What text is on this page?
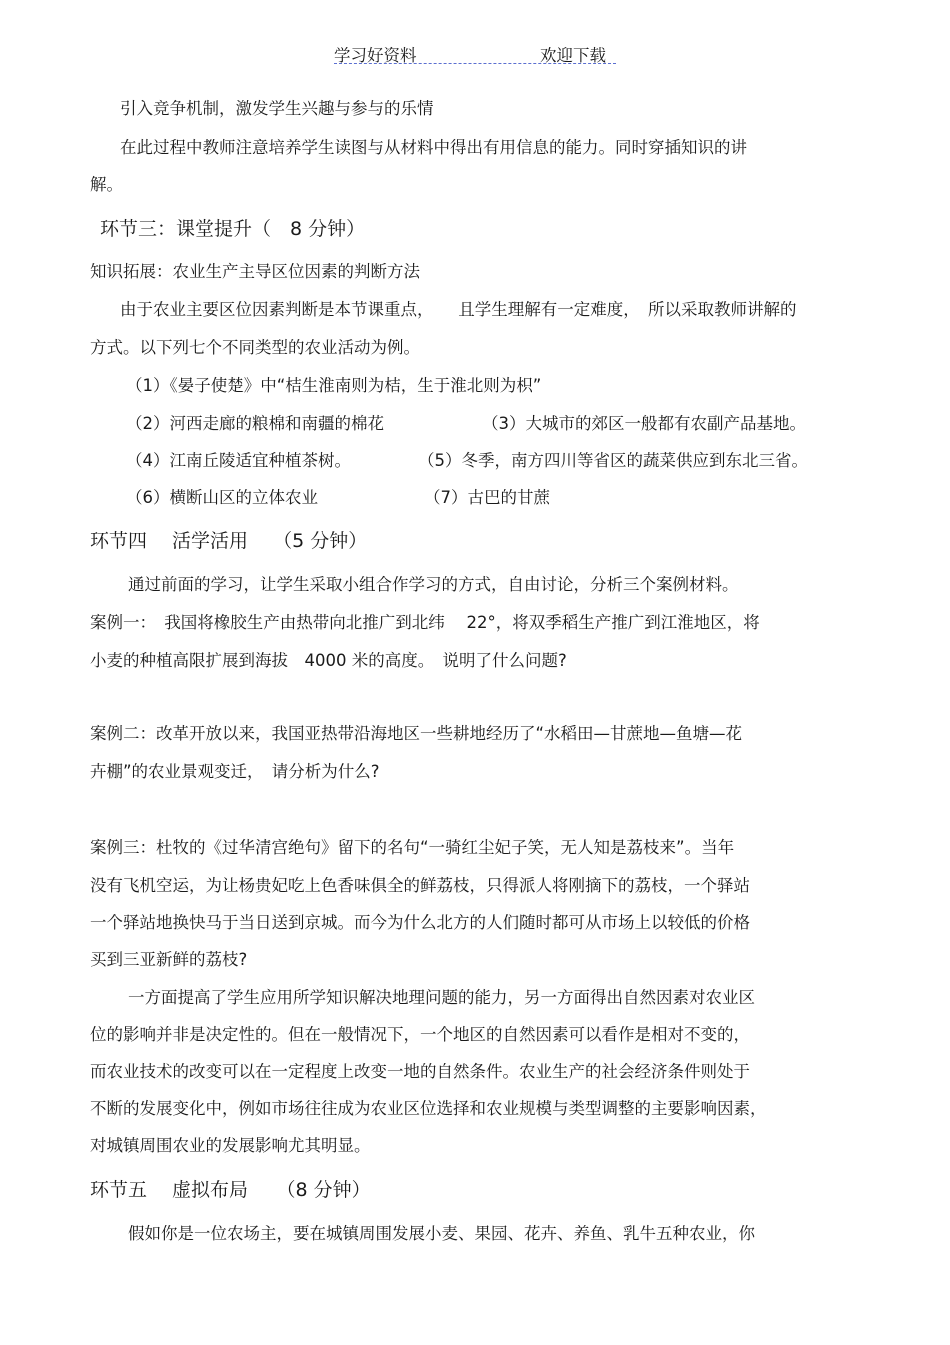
学习好资料	欢迎下载
引入竞争机制，激发学生兴趣与参与的乐情
在此过程中教师注意培养学生读图与从材料中得出有用信息的能力。同时穿插知识的讲
解。
环节三：课堂提升（　8 分钟）
知识拓展：农业生产主导区位因素的判断方法
由于农业主要区位因素判断是本节课重点，　　且学生理解有一定难度，　所以采取教师讲解的
方式。以下列七个不同类型的农业活动为例。
（1）《晏子使楚》中“桔生淮南则为桔，生于淮北则为枳”
（2）河西走廊的粮棉和南疆的棉花	（3）大城市的郊区一般都有农副产品基地。
（4）江南丘陵适宜种植茶树。	（5）冬季，南方四川等省区的蔬菜供应到东北三省。
（6）横断山区的立体农业	（7）古巴的甘蔗
环节四　 活学活用　 （5 分钟）
通过前面的学习，让学生采取小组合作学习的方式，自由讨论，分析三个案例材料。
案例一：　我国将橡胶生产由热带向北推广到北纬　 22°，将双季稻生产推广到江淮地区，将
小麦的种植高限扩展到海拔　4000 米的高度。　说明了什么问题?
案例二：改革开放以来，我国亚热带沿海地区一些耕地经历了“水稻田—甘蔗地—鱼塘—花
卉棚”的农业景观变迁，　请分析为什么?
案例三：杜牧的《过华清宫绝句》留下的名句“一骑红尘妃子笑，无人知是荔枝来”。当年
没有飞机空运，为让杨贵妃吃上色香味俱全的鲜荔枝，只得派人将刚摘下的荔枝，一个驿站
一个驿站地换快马于当日送到京城。而今为什么北方的人们随时都可从市场上以较低的价格
买到三亚新鲜的荔枝?
一方面提高了学生应用所学知识解决地理问题的能力，另一方面得出自然因素对农业区
位的影响并非是决定性的。但在一般情况下，一个地区的自然因素可以看作是相对不变的，
而农业技术的改变可以在一定程度上改变一地的自然条件。农业生产的社会经济条件则处于
不断的发展变化中，例如市场往往成为农业区位选择和农业规模与类型调整的主要影响因素，
对城镇周围农业的发展影响尤其明显。
环节五　 虚拟布局　　（8 分钟）
假如你是一位农场主，要在城镇周围发展小麦、果园、花卉、养鱼、乳牛五种农业，你
